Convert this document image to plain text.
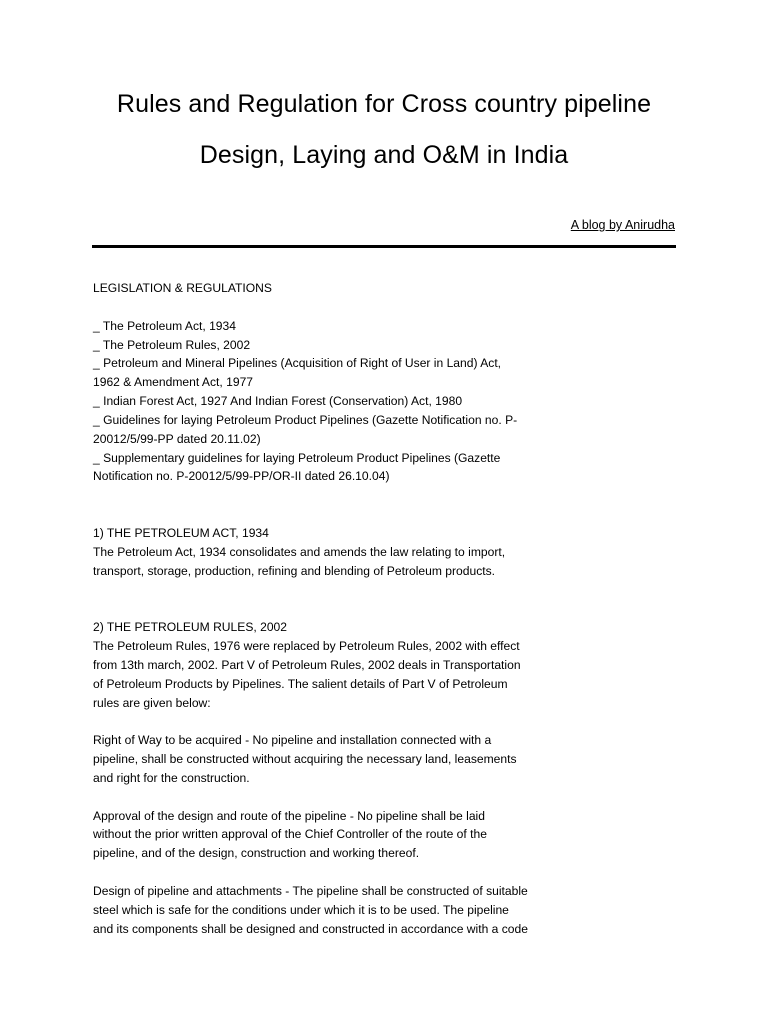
Rules and Regulation for Cross country pipeline
Design, Laying and O&M in India
A blog by Anirudha

LEGISLATION & REGULATIONS

_ The Petroleum Act, 1934

_ The Petroleum Rules, 2002

_ Petroleum and Mineral Pipelines (Acquisition of Right of User in Land) Act,

1962 & Amendment Act, 1977

_ Indian Forest Act, 1927 And Indian Forest (Conservation) Act, 1980

_ Guidelines for laying Petroleum Product Pipelines (Gazette Notification no. P-

20012/5/99-PP dated 20.11.02)

_ Supplementary guidelines for laying Petroleum Product Pipelines (Gazette

Notification no. P-20012/5/99-PP/OR-II dated 26.10.04)

1) THE PETROLEUM ACT, 1934

The Petroleum Act, 1934 consolidates and amends the law relating to import,

transport, storage, production, refining and blending of Petroleum products.

2) THE PETROLEUM RULES, 2002

The Petroleum Rules, 1976 were replaced by Petroleum Rules, 2002 with effect

from 13th march, 2002. Part V of Petroleum Rules, 2002 deals in Transportation

of Petroleum Products by Pipelines. The salient details of Part V of Petroleum

rules are given below:

Right of Way to be acquired - No pipeline and installation connected with a

pipeline, shall be constructed without acquiring the necessary land, leasements

and right for the construction.

Approval of the design and route of the pipeline - No pipeline shall be laid

without the prior written approval of the Chief Controller of the route of the

pipeline, and of the design, construction and working thereof.

Design of pipeline and attachments - The pipeline shall be constructed of suitable

steel which is safe for the conditions under which it is to be used. The pipeline

and its components shall be designed and constructed in accordance with a code
